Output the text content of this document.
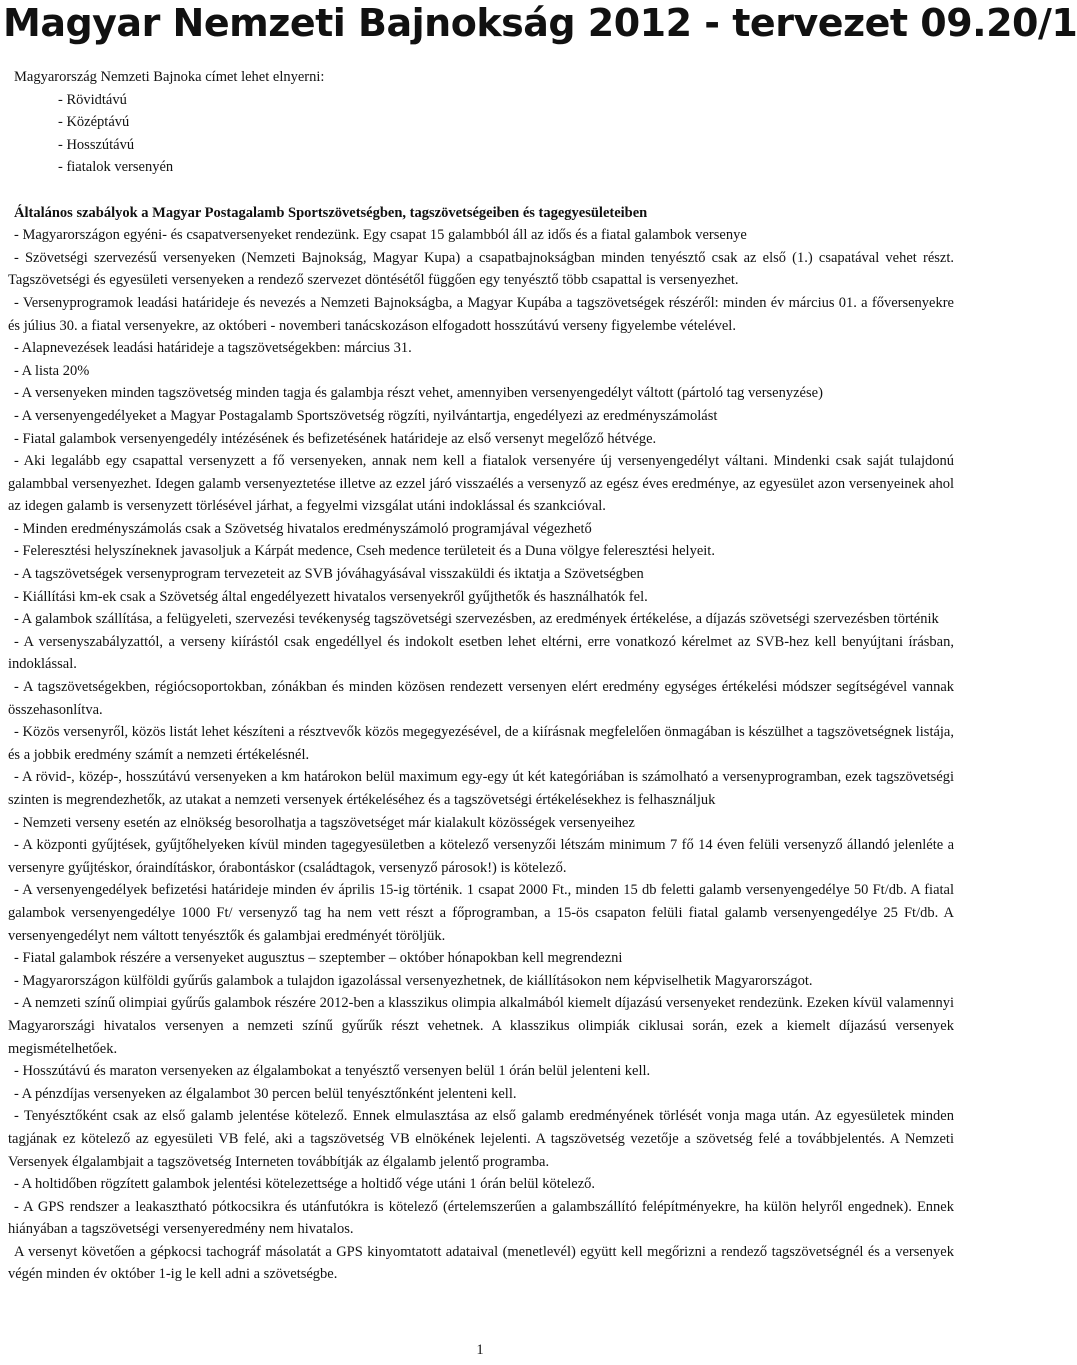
Magyar Nemzeti Bajnokság 2012 - tervezet 09.20/1

Magyarország Nemzeti Bajnoka címet lehet elnyerni:

- Rövidtávú

- Középtávú

- Hosszútávú

- fiatalok versenyén

Általános szabályok a Magyar Postagalamb Sportszövetségben, tagszövetségeiben és tagegyesületeiben

- Magyarországon egyéni- és csapatversenyeket rendezünk. Egy csapat 15 galambból áll az idős és a fiatal galambok versenye

- Szövetségi szervezésű versenyeken (Nemzeti Bajnokság, Magyar Kupa) a csapatbajnokságban minden tenyésztő csak az első (1.) csapatával vehet részt. Tagszövetségi és egyesületi versenyeken a rendező szervezet döntésétől függően egy tenyésztő több csapattal is versenyezhet.

- Versenyprogramok leadási határideje és nevezés a Nemzeti Bajnokságba, a Magyar Kupába a tagszövetségek részéről: minden év március 01. a főversenyekre és július 30. a fiatal versenyekre, az októberi - novemberi tanácskozáson elfogadott hosszútávú verseny figyelembe vételével.

- Alapnevezések leadási határideje a tagszövetségekben: március 31.

- A lista 20%

- A versenyeken minden tagszövetség minden tagja és galambja részt vehet, amennyiben versenyengedélyt váltott (pártoló tag versenyzése)

- A versenyengedélyeket a Magyar Postagalamb Sportszövetség rögzíti, nyilvántartja, engedélyezi az eredményszámolást

- Fiatal galambok versenyengedély intézésének és befizetésének határideje az első versenyt megelőző hétvége.

- Aki legalább egy csapattal versenyzett a fő versenyeken, annak nem kell a fiatalok versenyére új versenyengedélyt váltani. Mindenki csak saját tulajdonú galambbal versenyezhet. Idegen galamb versenyeztetése illetve az ezzel járó visszaélés a versenyző az egész éves eredménye, az egyesület azon versenyeinek ahol az idegen galamb is versenyzett törlésével járhat, a fegyelmi vizsgálat utáni indoklással és szankcióval.

- Minden eredményszámolás csak a Szövetség hivatalos eredményszámoló programjával végezhető

- Feleresztési helyszíneknek javasoljuk a Kárpát medence, Cseh medence területeit és a Duna völgye feleresztési helyeit.

- A tagszövetségek versenyprogram tervezeteit az SVB jóváhagyásával visszaküldi és iktatja a Szövetségben

- Kiállítási km-ek csak a Szövetség által engedélyezett hivatalos versenyekről gyűjthetők és használhatók fel.

- A galambok szállítása, a felügyeleti, szervezési tevékenység tagszövetségi szervezésben, az eredmények értékelése, a díjazás szövetségi szervezésben történik

- A versenyszabályzattól, a verseny kiírástól csak engedéllyel és indokolt esetben lehet eltérni, erre vonatkozó kérelmet az SVB-hez kell benyújtani írásban, indoklással.

- A tagszövetségekben, régiócsoportokban, zónákban és minden közösen rendezett versenyen elért eredmény egységes értékelési módszer segítségével vannak összehasonlítva.

- Közös versenyről, közös listát lehet készíteni a résztvevők közös megegyezésével, de a kiírásnak megfelelően önmagában is készülhet a tagszövetségnek listája, és a jobbik eredmény számít a nemzeti értékelésnél.

- A rövid-, közép-, hosszútávú versenyeken a km határokon belül maximum egy-egy út két kategóriában is számolható a versenyprogramban, ezek tagszövetségi szinten is megrendezhetők, az utakat a nemzeti versenyek értékeléséhez és a tagszövetségi értékelésekhez is felhasználjuk

- Nemzeti verseny esetén az elnökség besorolhatja a tagszövetséget már kialakult közösségek versenyeihez

- A központi gyűjtések, gyűjtőhelyeken kívül minden tagegyesületben a kötelező versenyzői létszám minimum 7 fő 14 éven felüli versenyző állandó jelenléte a versenyre gyűjtéskor, óraindításkor, órabontáskor (családtagok, versenyző párosok!) is kötelező.

- A versenyengedélyek befizetési határideje minden év április 15-ig történik. 1 csapat 2000 Ft., minden 15 db feletti galamb versenyengedélye 50 Ft/db. A fiatal galambok versenyengedélye 1000 Ft/ versenyző tag ha nem vett részt a főprogramban, a 15-ös csapaton felüli fiatal galamb versenyengedélye 25 Ft/db. A versenyengedélyt nem váltott tenyésztők és galambjai eredményét töröljük.

- Fiatal galambok részére a versenyeket augusztus – szeptember – október hónapokban kell megrendezni

- Magyarországon külföldi gyűrűs galambok a tulajdon igazolással versenyezhetnek, de kiállításokon nem képviselhetik Magyarországot.

- A nemzeti színű olimpiai gyűrűs galambok részére 2012-ben a klasszikus olimpia alkalmából kiemelt díjazású versenyeket rendezünk. Ezeken kívül valamennyi Magyarországi hivatalos versenyen a nemzeti színű gyűrűk részt vehetnek. A klasszikus olimpiák ciklusai során, ezek a kiemelt díjazású versenyek megismételhetőek.

- Hosszútávú és maraton versenyeken az élgalambokat a tenyésztő versenyen belül 1 órán belül jelenteni kell.

- A pénzdíjas versenyeken az élgalambot 30 percen belül tenyésztőnként jelenteni kell.

- Tenyésztőként csak az első galamb jelentése kötelező. Ennek elmulasztása az első galamb eredményének törlését vonja maga után. Az egyesületek minden tagjának ez kötelező az egyesületi VB felé, aki a tagszövetség VB elnökének lejelenti. A tagszövetség vezetője a szövetség felé a továbbjelentés. A Nemzeti Versenyek élgalambjait a tagszövetség Interneten továbbítják az élgalamb jelentő programba.

- A holtidőben rögzített galambok jelentési kötelezettsége a holtidő vége utáni 1 órán belül kötelező.

- A GPS rendszer a leakasztható pótkocsikra és utánfutókra is kötelező (értelemszerűen a galambszállító felépítményekre, ha külön helyről engednek). Ennek hiányában a tagszövetségi versenyeredmény nem hivatalos.

A versenyt követően a gépkocsi tachográf másolatát a GPS kinyomtatott adataival (menetlevél) együtt kell megőrizni a rendező tagszövetségnél és a versenyek végén minden év október 1-ig le kell adni a szövetségbe.

1
